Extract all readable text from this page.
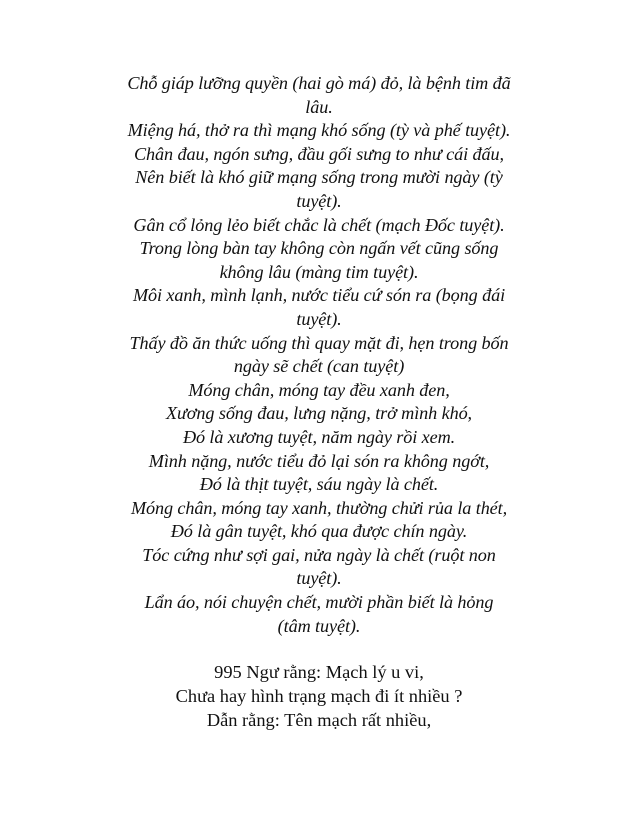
Chỗ giáp lưỡng quyền (hai gò má) đỏ, là bệnh tim đã
lâu.
Miệng há, thở ra thì mạng khó sống (tỳ và phế tuyệt).
Chân đau, ngón sưng, đầu gối sưng to như cái đấu,
Nên biết là khó giữ mạng sống trong mười ngày (tỳ
tuyệt).
Gân cổ lỏng lẻo biết chắc là chết (mạch Đốc tuyệt).
Trong lòng bàn tay không còn ngấn vết cũng sống
không lâu (màng tim tuyệt).
Môi xanh, mình lạnh, nước tiểu cứ són ra (bọng đái
tuyệt).
Thấy đồ ăn thức uống thì quay mặt đi, hẹn trong bốn
ngày sẽ chết (can tuyệt)
Móng chân, móng tay đều xanh đen,
Xương sống đau, lưng nặng, trở mình khó,
Đó là xương tuyệt, năm ngày rồi xem.
Mình nặng, nước tiểu đỏ lại són ra không ngớt,
Đó là thịt tuyệt, sáu ngày là chết.
Móng chân, móng tay xanh, thường chửi rủa la thét,
Đó là gân tuyệt, khó qua được chín ngày.
Tóc cứng như sợi gai, nửa ngày là chết (ruột non
tuyệt).
Lẩn áo, nói chuyện chết, mười phần biết là hỏng
(tâm tuyệt).
995 Ngư rằng: Mạch lý u vi,
Chưa hay hình trạng mạch đi ít nhiều ?
Dẫn rằng: Tên mạch rất nhiều,
